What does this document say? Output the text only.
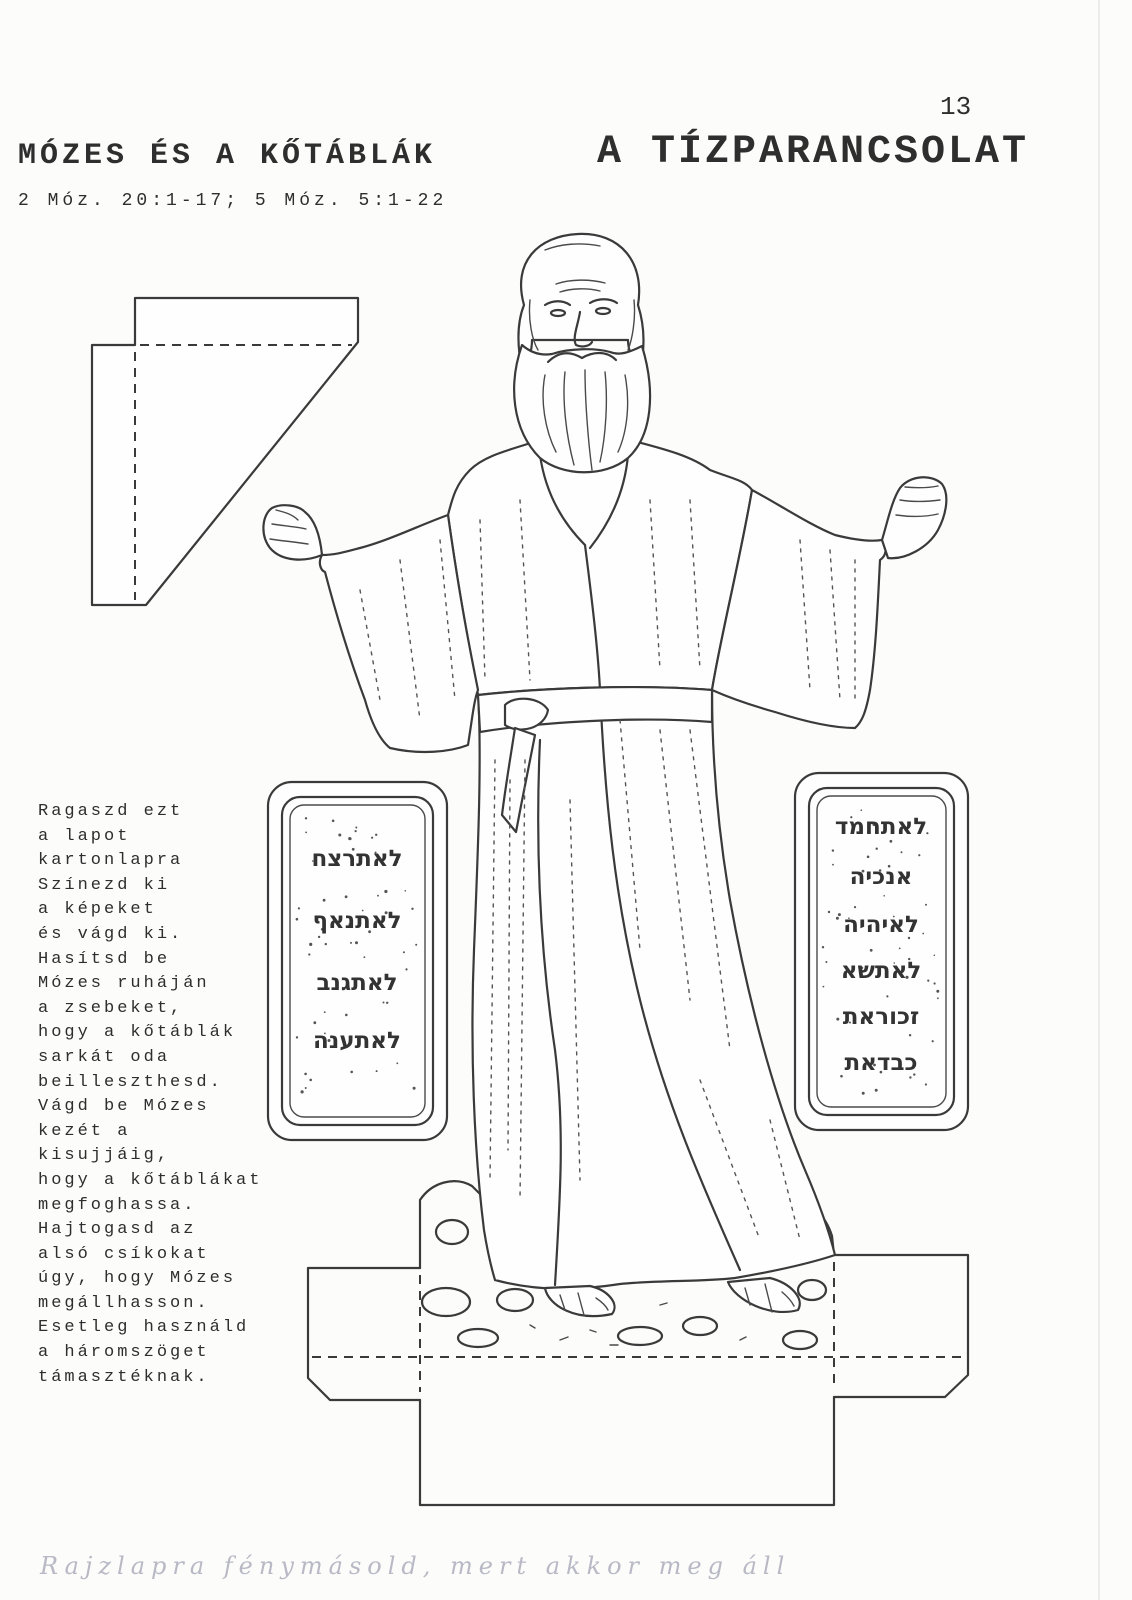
לאתרצח
לאתנאף
לאתגנב
לאתענה
לאתחמד
אנכיה
לאיהיה
לאתשא
זכוראת
כבדאת
13
MÓZES ÉS A KŐTÁBLÁK	A TÍZPARANCSOLAT
2 Móz. 20:1-17; 5 Móz. 5:1-22
Ragaszd ezt
a lapot
kartonlapra
Színezd ki
a képeket
és vágd ki.
Hasítsd be
Mózes ruháján
a zsebeket,
hogy a kőtáblák
sarkát oda
beilleszthesd.
Vágd be Mózes
kezét a
kisujjáig,
hogy a kőtáblákat
megfoghassa.
Hajtogasd az
alsó csíkokat
úgy, hogy Mózes
megállhasson.
Esetleg használd
a háromszöget
támasztéknak.
Rajzlapra fénymásold, mert akkor meg áll
